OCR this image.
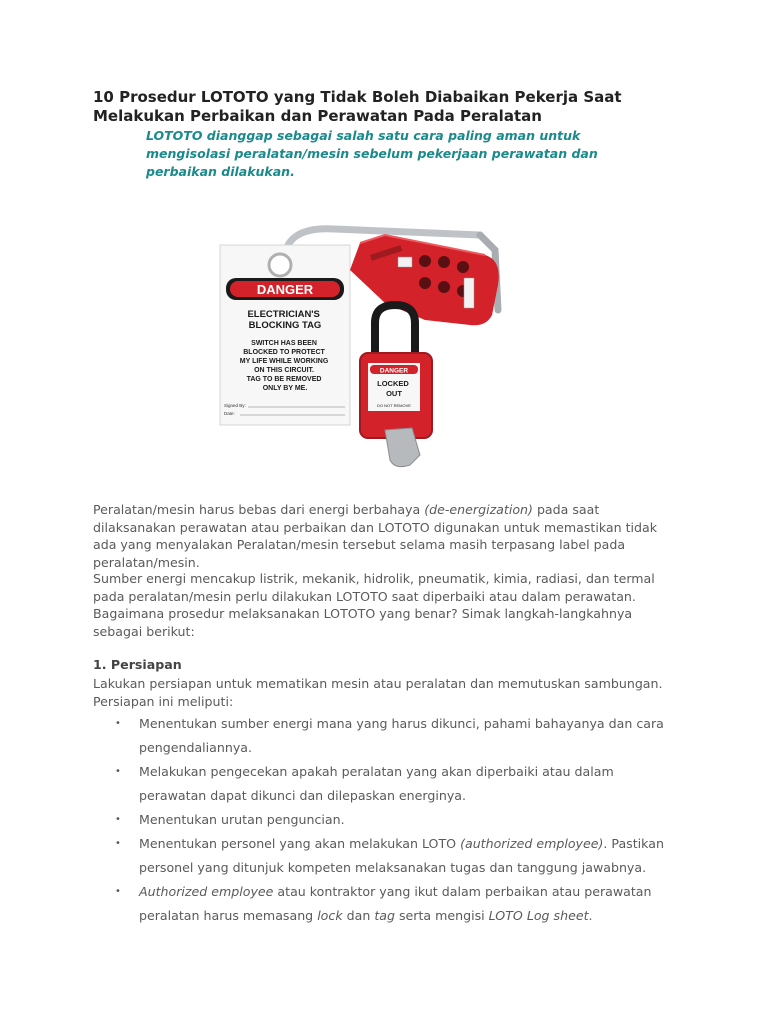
10 Prosedur LOTOTO yang Tidak Boleh Diabaikan Pekerja Saat Melakukan Perbaikan dan Perawatan Pada Peralatan

LOTOTO dianggap sebagai salah satu cara paling aman untuk mengisolasi peralatan/mesin sebelum pekerjaan perawatan dan perbaikan dilakukan.

DANGER
ELECTRICIAN'S BLOCKING TAG
SWITCH HAS BEEN BLOCKED TO PROTECT MY LIFE WHILE WORKING ON THIS CIRCUIT. TAG TO BE REMOVED ONLY BY ME.
Signed By:
Date:
DANGER
LOCKED OUT
DO NOT REMOVE

Peralatan/mesin harus bebas dari energi berbahaya (de-energization) pada saat dilaksanakan perawatan atau perbaikan dan LOTOTO digunakan untuk memastikan tidak ada yang menyalakan Peralatan/mesin tersebut selama masih terpasang label pada peralatan/mesin.

Sumber energi mencakup listrik, mekanik, hidrolik, pneumatik, kimia, radiasi, dan termal pada peralatan/mesin perlu dilakukan LOTOTO saat diperbaiki atau dalam perawatan. Bagaimana prosedur melaksanakan LOTOTO yang benar? Simak langkah-langkahnya sebagai berikut:

1. Persiapan

Lakukan persiapan untuk mematikan mesin atau peralatan dan memutuskan sambungan. Persiapan ini meliputi:

• Menentukan sumber energi mana yang harus dikunci, pahami bahayanya dan cara pengendaliannya.
• Melakukan pengecekan apakah peralatan yang akan diperbaiki atau dalam perawatan dapat dikunci dan dilepaskan energinya.
• Menentukan urutan penguncian.
• Menentukan personel yang akan melakukan LOTO (authorized employee). Pastikan personel yang ditunjuk kompeten melaksanakan tugas dan tanggung jawabnya.
• Authorized employee atau kontraktor yang ikut dalam perbaikan atau perawatan peralatan harus memasang lock dan tag serta mengisi LOTO Log sheet.
